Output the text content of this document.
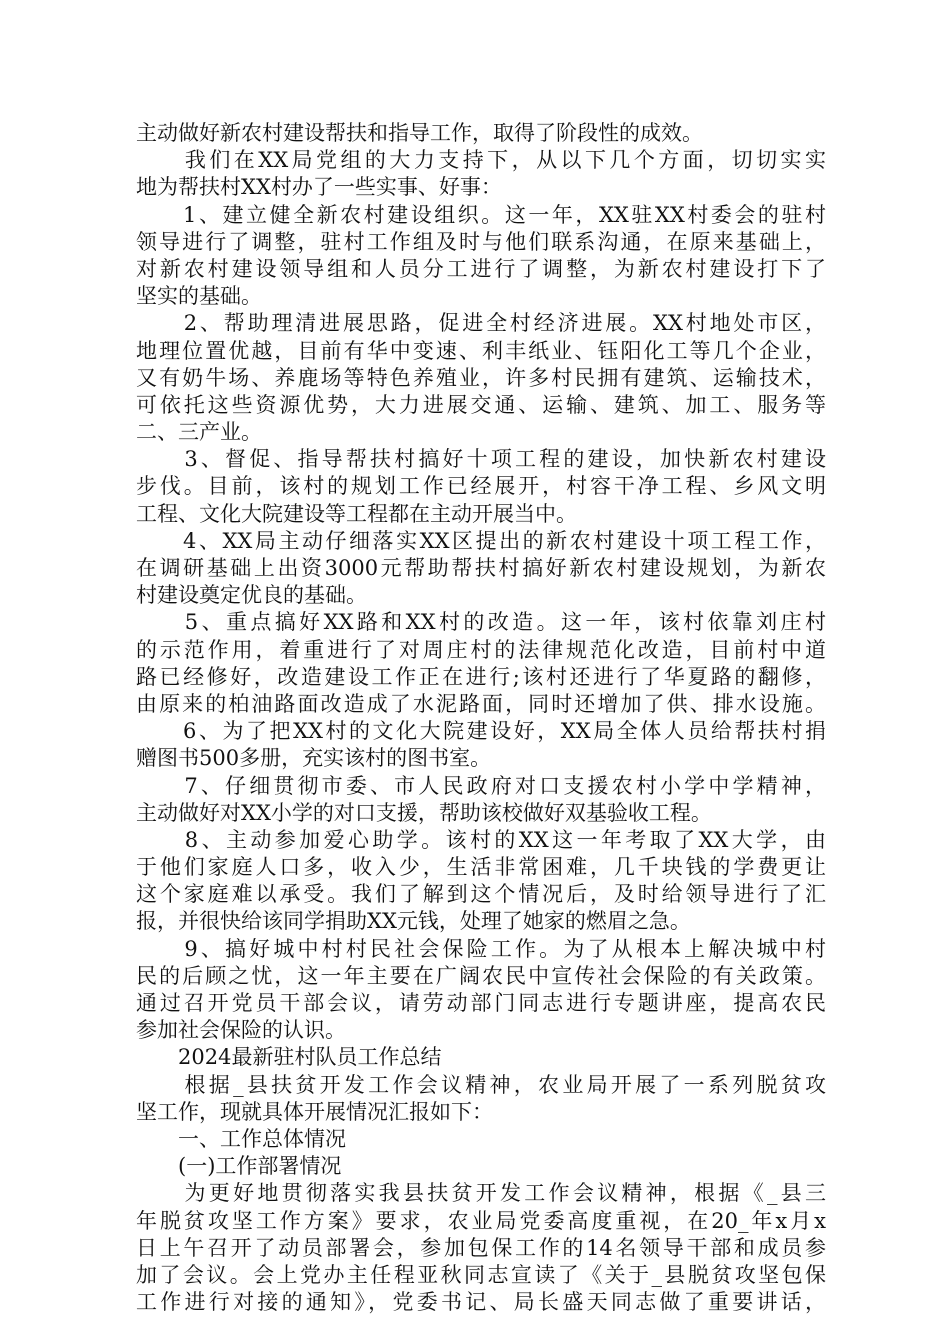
主动做好新农村建设帮扶和指导工作，取得了阶段性的成效。

　　我们在XX局党组的大力支持下，从以下几个方面，切切实实

地为帮扶村XX村办了一些实事、好事：

　　1、建立健全新农村建设组织。这一年，XX驻XX村委会的驻村

领导进行了调整，驻村工作组及时与他们联系沟通，在原来基础上，

对新农村建设领导组和人员分工进行了调整，为新农村建设打下了

坚实的基础。

　　2、帮助理清进展思路，促进全村经济进展。XX村地处市区，

地理位置优越，目前有华中变速、利丰纸业、钰阳化工等几个企业，

又有奶牛场、养鹿场等特色养殖业，许多村民拥有建筑、运输技术，

可依托这些资源优势，大力进展交通、运输、建筑、加工、服务等

二、三产业。

　　3、督促、指导帮扶村搞好十项工程的建设，加快新农村建设

步伐。目前，该村的规划工作已经展开，村容干净工程、乡风文明

工程、文化大院建设等工程都在主动开展当中。

　　4、XX局主动仔细落实XX区提出的新农村建设十项工程工作，

在调研基础上出资3000元帮助帮扶村搞好新农村建设规划，为新农

村建设奠定优良的基础。

　　5、重点搞好XX路和XX村的改造。这一年，该村依靠刘庄村

的示范作用，着重进行了对周庄村的法律规范化改造，目前村中道

路已经修好，改造建设工作正在进行;该村还进行了华夏路的翻修，

由原来的柏油路面改造成了水泥路面，同时还增加了供、排水设施。

　　6、为了把XX村的文化大院建设好，XX局全体人员给帮扶村捐

赠图书500多册，充实该村的图书室。

　　7、仔细贯彻市委、市人民政府对口支援农村小学中学精神，

主动做好对XX小学的对口支援，帮助该校做好双基验收工程。

　　8、主动参加爱心助学。该村的XX这一年考取了XX大学，由

于他们家庭人口多，收入少，生活非常困难，几千块钱的学费更让

这个家庭难以承受。我们了解到这个情况后，及时给领导进行了汇

报，并很快给该同学捐助XX元钱，处理了她家的燃眉之急。

　　9、搞好城中村村民社会保险工作。为了从根本上解决城中村

民的后顾之忧，这一年主要在广阔农民中宣传社会保险的有关政策。

通过召开党员干部会议，请劳动部门同志进行专题讲座，提高农民

参加社会保险的认识。

　　2024最新驻村队员工作总结

　　根据_县扶贫开发工作会议精神，农业局开展了一系列脱贫攻

坚工作，现就具体开展情况汇报如下：

　　一、工作总体情况

　　(一)工作部署情况

　　为更好地贯彻落实我县扶贫开发工作会议精神，根据《_县三

年脱贫攻坚工作方案》要求，农业局党委高度重视，在20_年x月x

日上午召开了动员部署会，参加包保工作的14名领导干部和成员参

加了会议。会上党办主任程亚秋同志宣读了《关于_县脱贫攻坚包保

工作进行对接的通知》，党委书记、局长盛天同志做了重要讲话，
